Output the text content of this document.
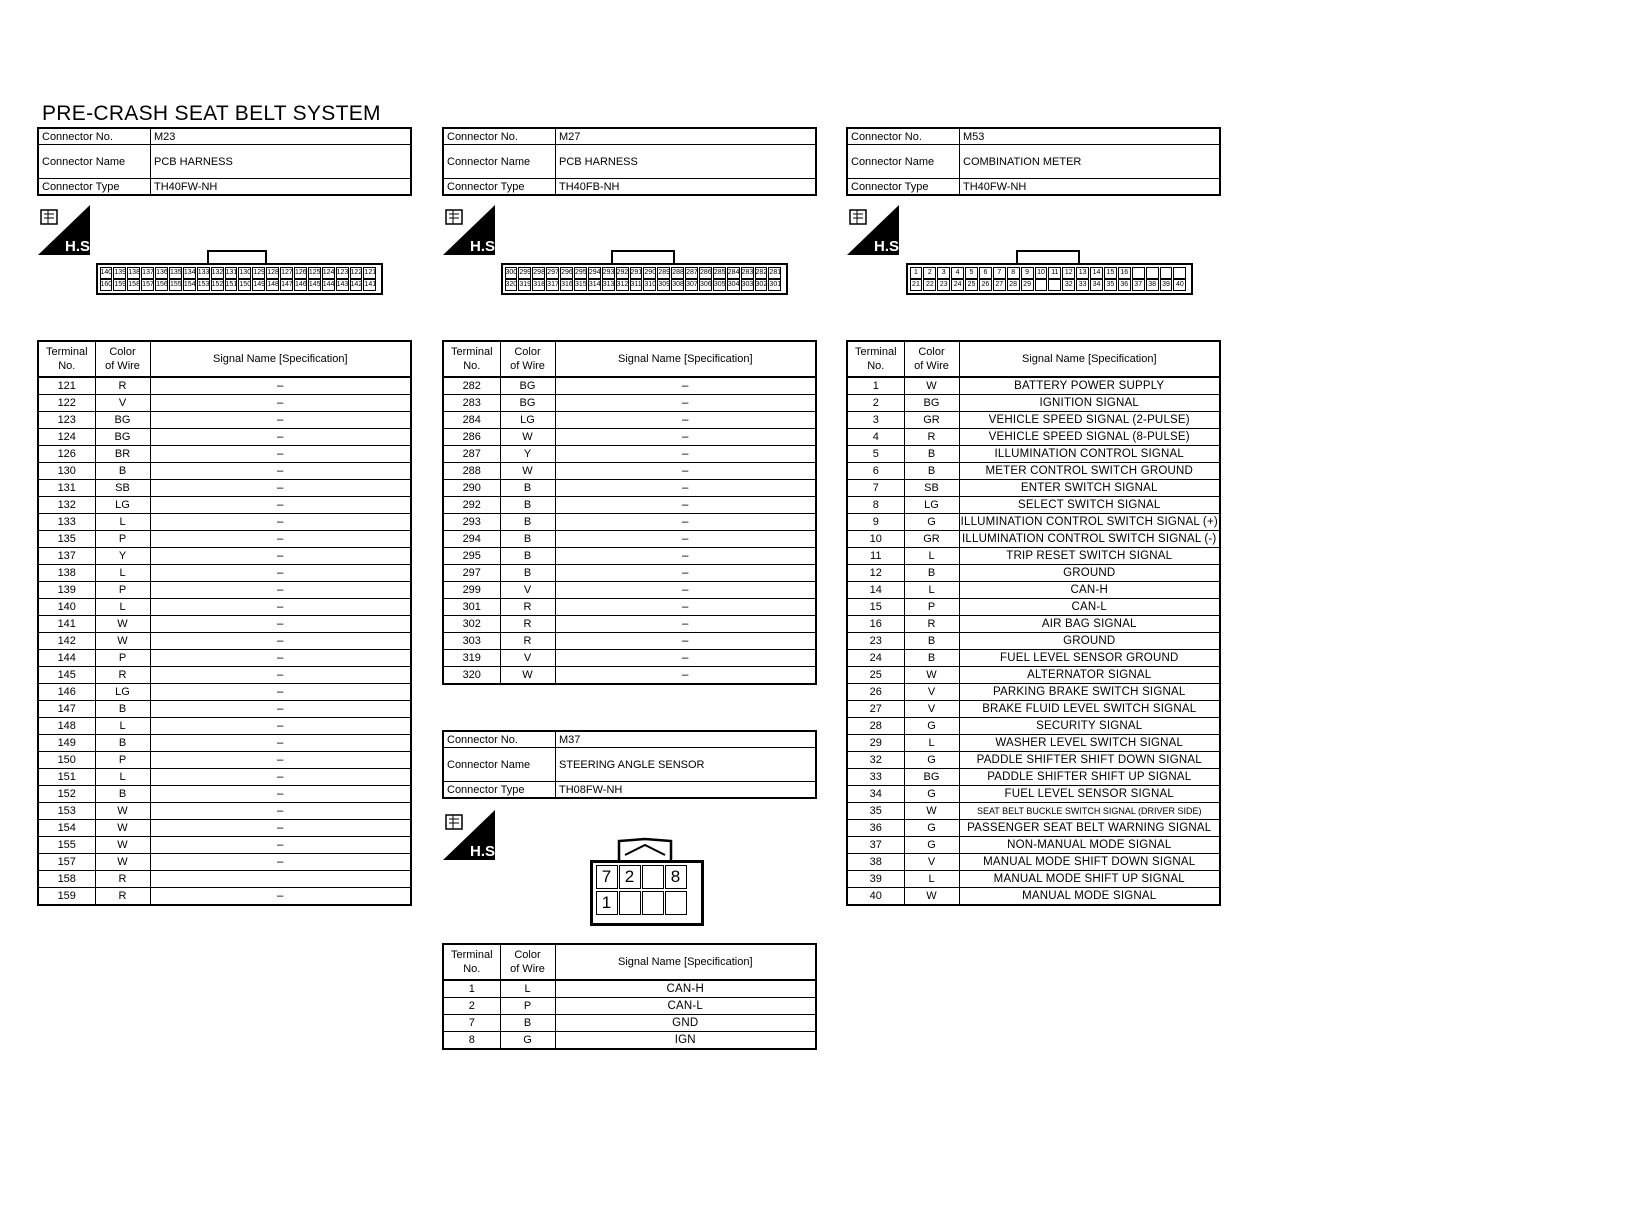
PRE-CRASH SEAT BELT SYSTEM
Connector No.	M23
Connector Name	PCB HARNESS
Connector Type	TH40FW-NH
H.S.
140 139 138 137 136 135 134 133 132 131 130 129 128 127 126 125 124 123 122 121
160 159 158 157 156 155 154 153 152 151 150 149 148 147 146 145 144 143 142 141
Terminal
No.	Color
of Wire	Signal Name [Specification]
121	R	–
122	V	–
123	BG	–
124	BG	–
126	BR	–
130	B	–
131	SB	–
132	LG	–
133	L	–
135	P	–
137	Y	–
138	L	–
139	P	–
140	L	–
141	W	–
142	W	–
144	P	–
145	R	–
146	LG	–
147	B	–
148	L	–
149	B	–
150	P	–
151	L	–
152	B	–
153	W	–
154	W	–
155	W	–
157	W	–
158	R	
159	R	–
Connector No.	M27
Connector Name	PCB HARNESS
Connector Type	TH40FB-NH
H.S.
300 299 298 297 296 295 294 293 292 291 290 289 288 287 286 285 284 283 282 281
320 319 318 317 316 315 314 313 312 311 310 309 308 307 306 305 304 303 302 301
Terminal
No.	Color
of Wire	Signal Name [Specification]
282	BG	–
283	BG	–
284	LG	–
286	W	–
287	Y	–
288	W	–
290	B	–
292	B	–
293	B	–
294	B	–
295	B	–
297	B	–
299	V	–
301	R	–
302	R	–
303	R	–
319	V	–
320	W	–
Connector No.	M37
Connector Name	STEERING ANGLE SENSOR
Connector Type	TH08FW-NH
H.S.
7 2	8
1
Terminal
No.	Color
of Wire	Signal Name [Specification]
1	L	CAN-H
2	P	CAN-L
7	B	GND
8	G	IGN
Connector No.	M53
Connector Name	COMBINATION METER
Connector Type	TH40FW-NH
H.S.
1	2	3	4	5	6	7	8	9	10 11 12 13 14 15 16
21 22 23 24 25 26 27 28 29	32 33 34 35 36 37 38 39 40
Terminal
No.	Color
of Wire	Signal Name [Specification]
1	W	BATTERY POWER SUPPLY
2	BG	IGNITION SIGNAL
3	GR	VEHICLE SPEED SIGNAL (2-PULSE)
4	R	VEHICLE SPEED SIGNAL (8-PULSE)
5	B	ILLUMINATION CONTROL SIGNAL
6	B	METER CONTROL SWITCH GROUND
7	SB	ENTER SWITCH SIGNAL
8	LG	SELECT SWITCH SIGNAL
9	G	ILLUMINATION CONTROL SWITCH SIGNAL (+)
10	GR	ILLUMINATION CONTROL SWITCH SIGNAL (-)
11	L	TRIP RESET SWITCH SIGNAL
12	B	GROUND
14	L	CAN-H
15	P	CAN-L
16	R	AIR BAG SIGNAL
23	B	GROUND
24	B	FUEL LEVEL SENSOR GROUND
25	W	ALTERNATOR SIGNAL
26	V	PARKING BRAKE SWITCH SIGNAL
27	V	BRAKE FLUID LEVEL SWITCH SIGNAL
28	G	SECURITY SIGNAL
29	L	WASHER LEVEL SWITCH SIGNAL
32	G	PADDLE SHIFTER SHIFT DOWN SIGNAL
33	BG	PADDLE SHIFTER SHIFT UP SIGNAL
34	G	FUEL LEVEL SENSOR SIGNAL
35	W	SEAT BELT BUCKLE SWITCH SIGNAL (DRIVER SIDE)
36	G	PASSENGER SEAT BELT WARNING SIGNAL
37	G	NON-MANUAL MODE SIGNAL
38	V	MANUAL MODE SHIFT DOWN SIGNAL
39	L	MANUAL MODE SHIFT UP SIGNAL
40	W	MANUAL MODE SIGNAL
